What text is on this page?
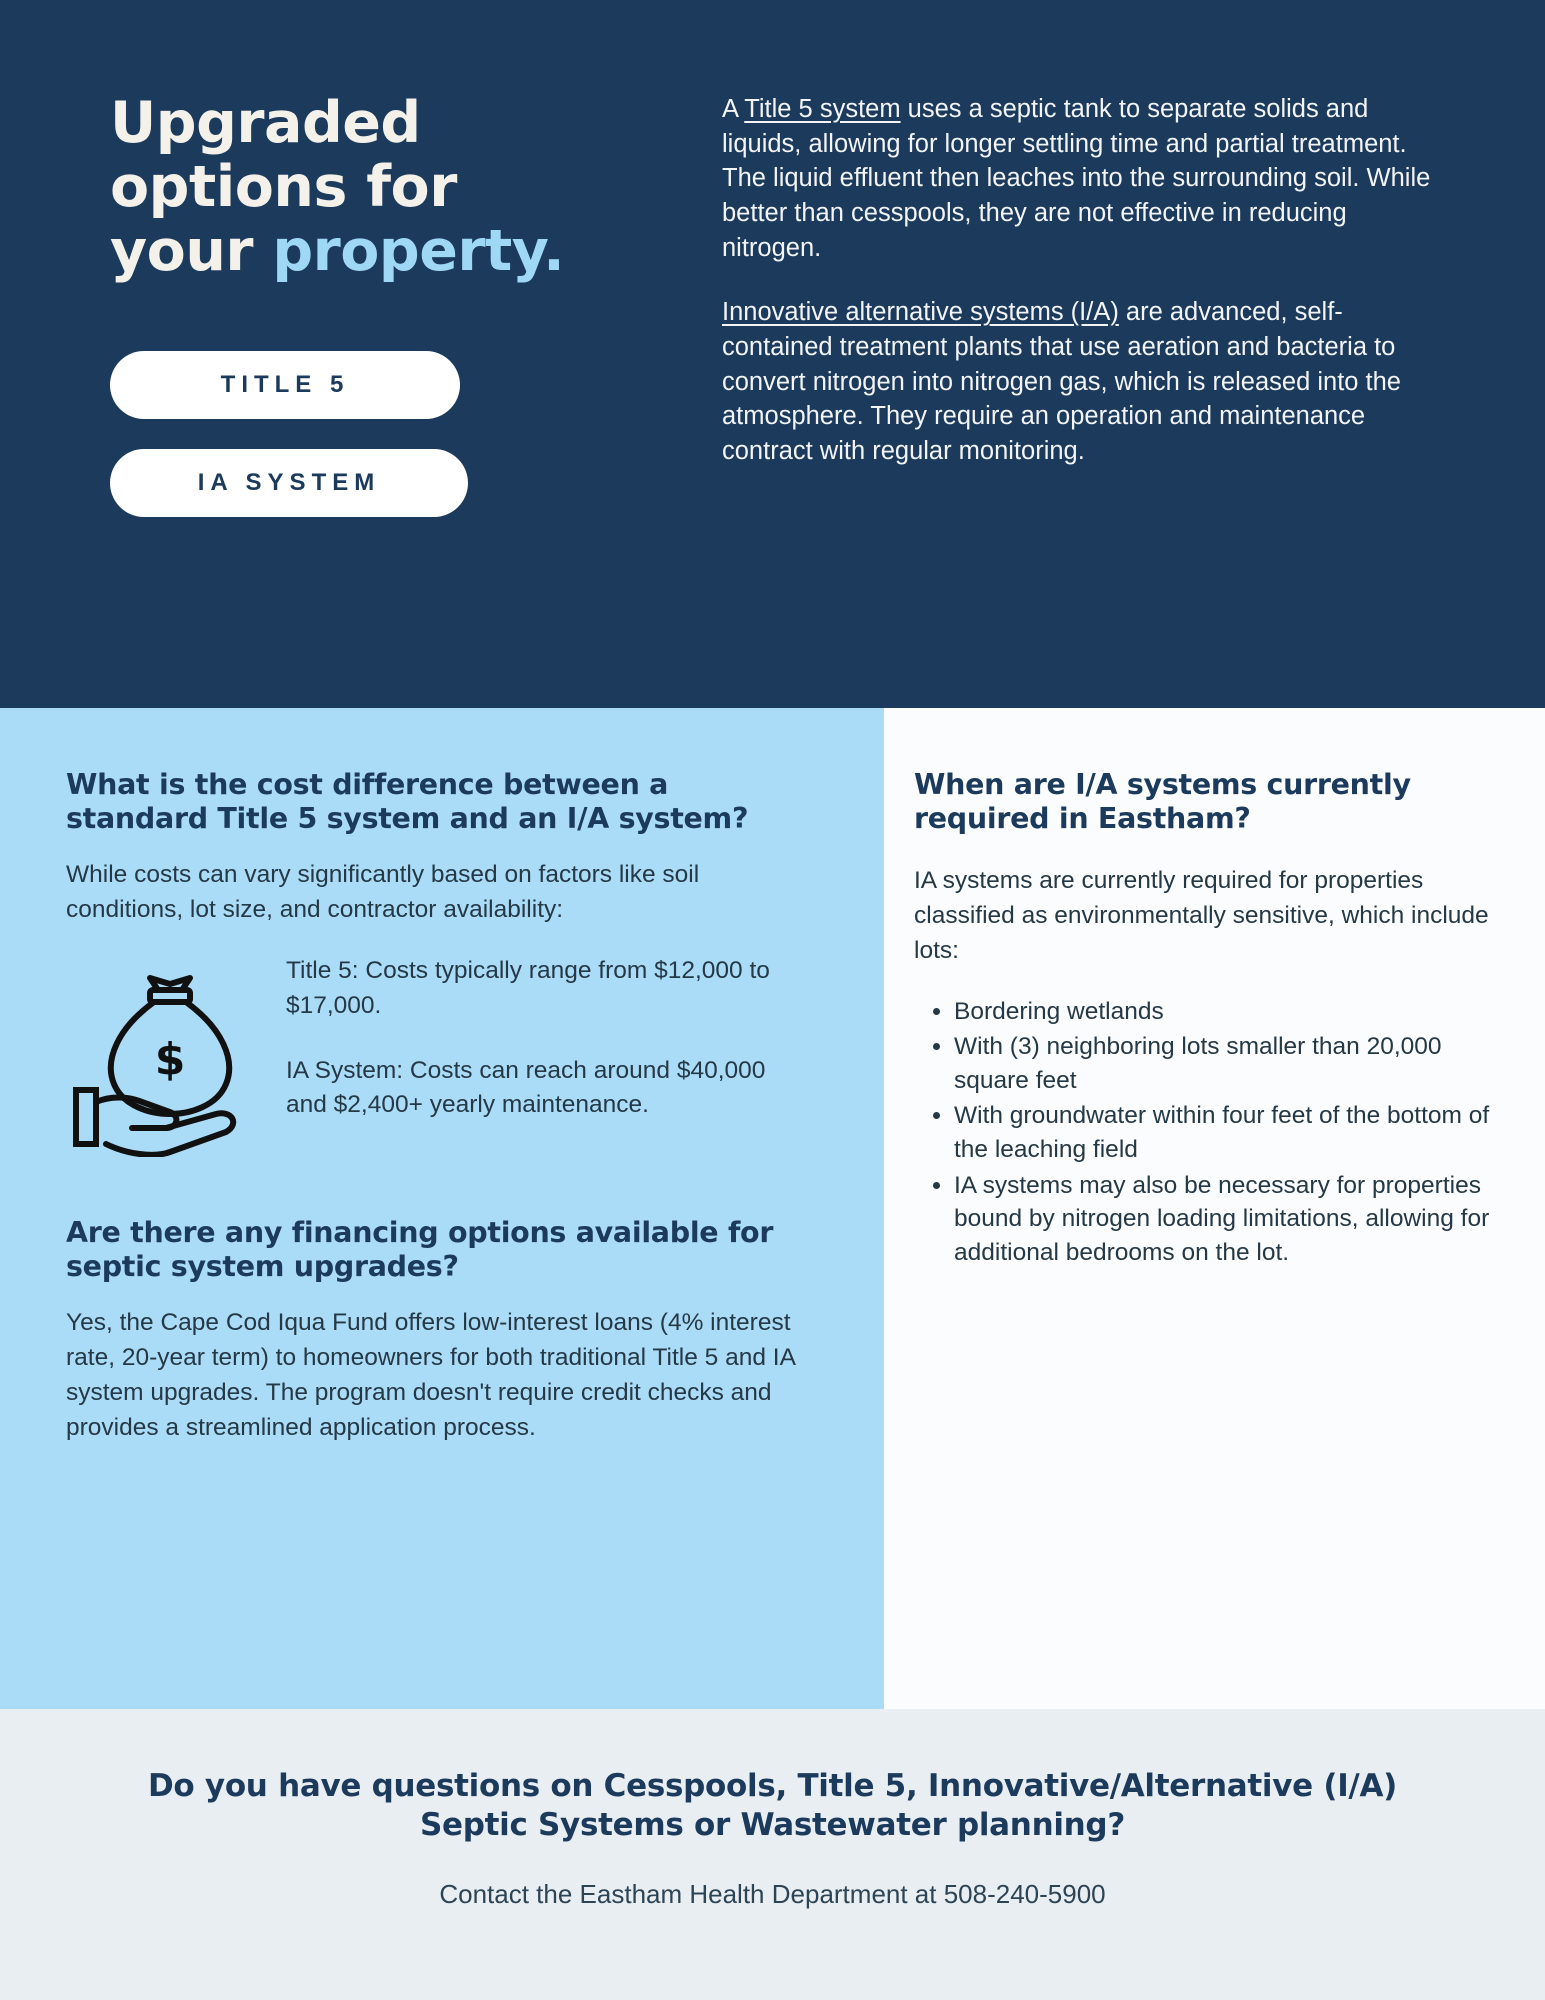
Upgraded
options for
your property.
TITLE 5
IA SYSTEM

A Title 5 system uses a septic tank to separate solids and liquids, allowing for longer settling time and partial treatment. The liquid effluent then leaches into the surrounding soil. While better than cesspools, they are not effective in reducing nitrogen.

Innovative alternative systems (I/A) are advanced, self-contained treatment plants that use aeration and bacteria to convert nitrogen into nitrogen gas, which is released into the atmosphere. They require an operation and maintenance contract with regular monitoring.

What is the cost difference between a standard Title 5 system and an I/A system?

While costs can vary significantly based on factors like soil conditions, lot size, and contractor availability:

$

Title 5: Costs typically range from $12,000 to $17,000.

IA System: Costs can reach around $40,000 and $2,400+ yearly maintenance.

Are there any financing options available for septic system upgrades?

Yes, the Cape Cod Iqua Fund offers low-interest loans (4% interest rate, 20-year term) to homeowners for both traditional Title 5 and IA system upgrades. The program doesn't require credit checks and provides a streamlined application process.

When are I/A systems currently required in Eastham?

IA systems are currently required for properties classified as environmentally sensitive, which include lots:

• Bordering wetlands
• With (3) neighboring lots smaller than 20,000 square feet
• With groundwater within four feet of the bottom of the leaching field
• IA systems may also be necessary for properties bound by nitrogen loading limitations, allowing for additional bedrooms on the lot.
Do you have questions on Cesspools, Title 5, Innovative/Alternative (I/A) Septic Systems or Wastewater planning?
Contact the Eastham Health Department at 508-240-5900
